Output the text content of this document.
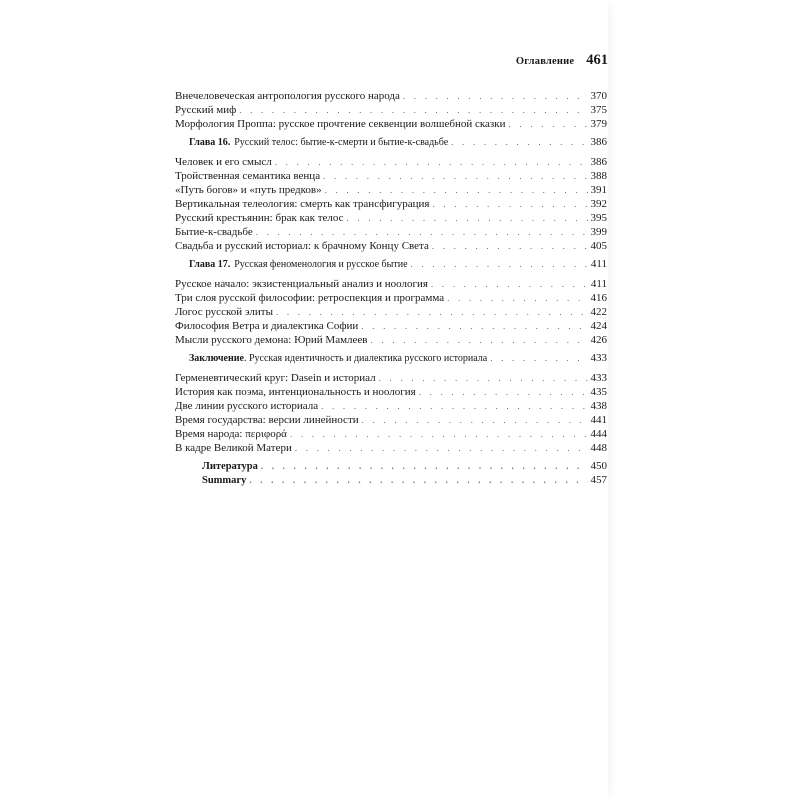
Оглавление 461
Внечеловеческая антропология русского народа . . .	370
Русский миф . . .	375
Морфология Проппа: русское прочтение секвенции волшебной сказки . . .	379
Глава 16. Русский телос: бытие-к-смерти и бытие-к-свадьбе . . .	386
Человек и его смысл . . .	386
Тройственная семантика венца . . .	388
«Путь богов» и «путь предков» . . .	391
Вертикальная телеология: смерть как трансфигурация . . .	392
Русский крестьянин: брак как телос . . .	395
Бытие-к-свадьбе . . .	399
Свадьба и русский историал: к брачному Концу Света . . .	405
Глава 17. Русская феноменология и русское бытие . . .	411
Русское начало: экзистенциальный анализ и ноология . . .	411
Три слоя русской философии: ретроспекция и программа . . .	416
Логос русской элиты . . .	422
Философия Ветра и диалектика Софии . . .	424
Мысли русского демона: Юрий Мамлеев . . .	426
Заключение. Русская идентичность и диалектика русского историала . . .	433
Герменевтический круг: Dasein и историал . . .	433
История как поэма, интенциональность и ноология . . .	435
Две линии русского историала . . .	438
Время государства: версии линейности . . .	441
Время народа: περιφορά . . .	444
В кадре Великой Матери . . .	448
Литература . . .	450
Summary . . .	457
